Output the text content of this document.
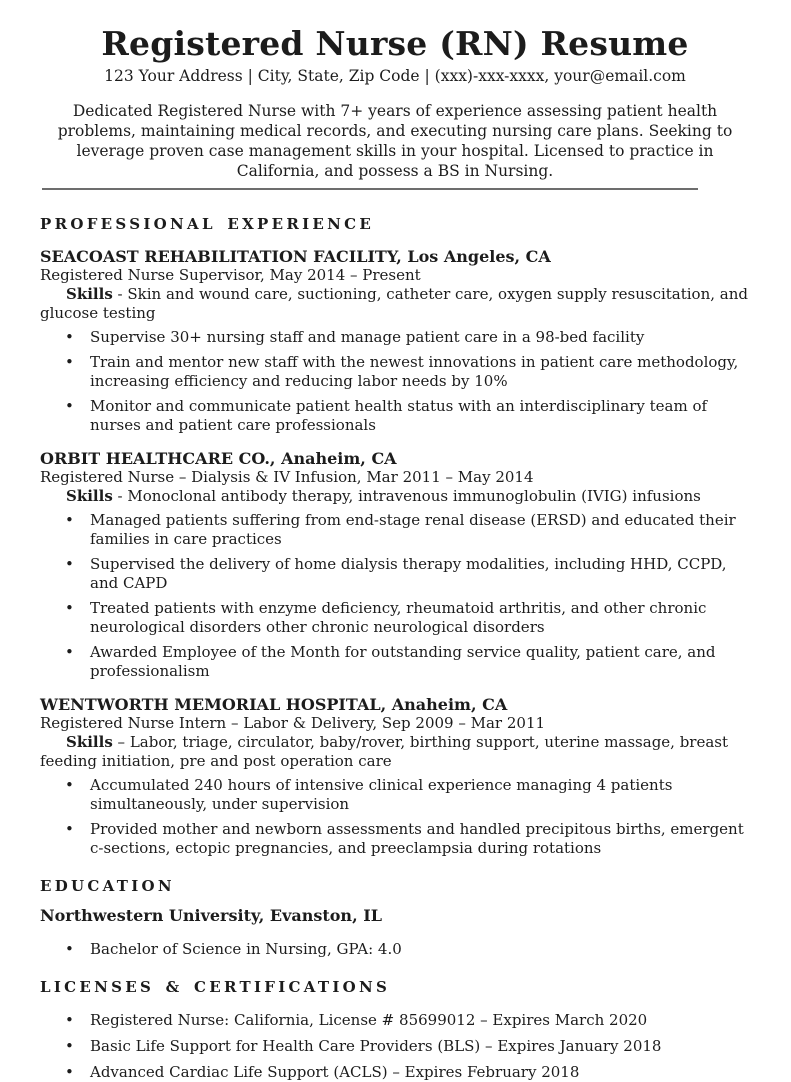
Registered Nurse (RN) Resume
123 Your Address | City, State, Zip Code | (xxx)-xxx-xxxx, your@email.com

Dedicated Registered Nurse with 7+ years of experience assessing patient health problems, maintaining medical records, and executing nursing care plans. Seeking to leverage proven case management skills in your hospital. Licensed to practice in California, and possess a BS in Nursing.

PROFESSIONAL EXPERIENCE
SEACOAST REHABILITATION FACILITY, Los Angeles, CA
Registered Nurse Supervisor, May 2014 – Present

Skills - Skin and wound care, suctioning, catheter care, oxygen supply resuscitation, and glucose testing

• Supervise 30+ nursing staff and manage patient care in a 98-bed facility
• Train and mentor new staff with the newest innovations in patient care methodology, increasing efficiency and reducing labor needs by 10%
• Monitor and communicate patient health status with an interdisciplinary team of nurses and patient care professionals
ORBIT HEALTHCARE CO., Anaheim, CA
Registered Nurse – Dialysis & IV Infusion, Mar 2011 – May 2014

Skills - Monoclonal antibody therapy, intravenous immunoglobulin (IVIG) infusions

• Managed patients suffering from end-stage renal disease (ERSD) and educated their families in care practices
• Supervised the delivery of home dialysis therapy modalities, including HHD, CCPD, and CAPD
• Treated patients with enzyme deficiency, rheumatoid arthritis, and other chronic neurological disorders other chronic neurological disorders
• Awarded Employee of the Month for outstanding service quality, patient care, and professionalism
WENTWORTH MEMORIAL HOSPITAL, Anaheim, CA
Registered Nurse Intern – Labor & Delivery, Sep 2009 – Mar 2011

Skills – Labor, triage, circulator, baby/rover, birthing support, uterine massage, breast feeding initiation, pre and post operation care

• Accumulated 240 hours of intensive clinical experience managing 4 patients simultaneously, under supervision
• Provided mother and newborn assessments and handled precipitous births, emergent c-sections, ectopic pregnancies, and preeclampsia during rotations
EDUCATION
Northwestern University, Evanston, IL
• Bachelor of Science in Nursing, GPA: 4.0
LICENSES & CERTIFICATIONS
• Registered Nurse: California, License # 85699012 – Expires March 2020
• Basic Life Support for Health Care Providers (BLS) – Expires January 2018
• Advanced Cardiac Life Support (ACLS) – Expires February 2018
